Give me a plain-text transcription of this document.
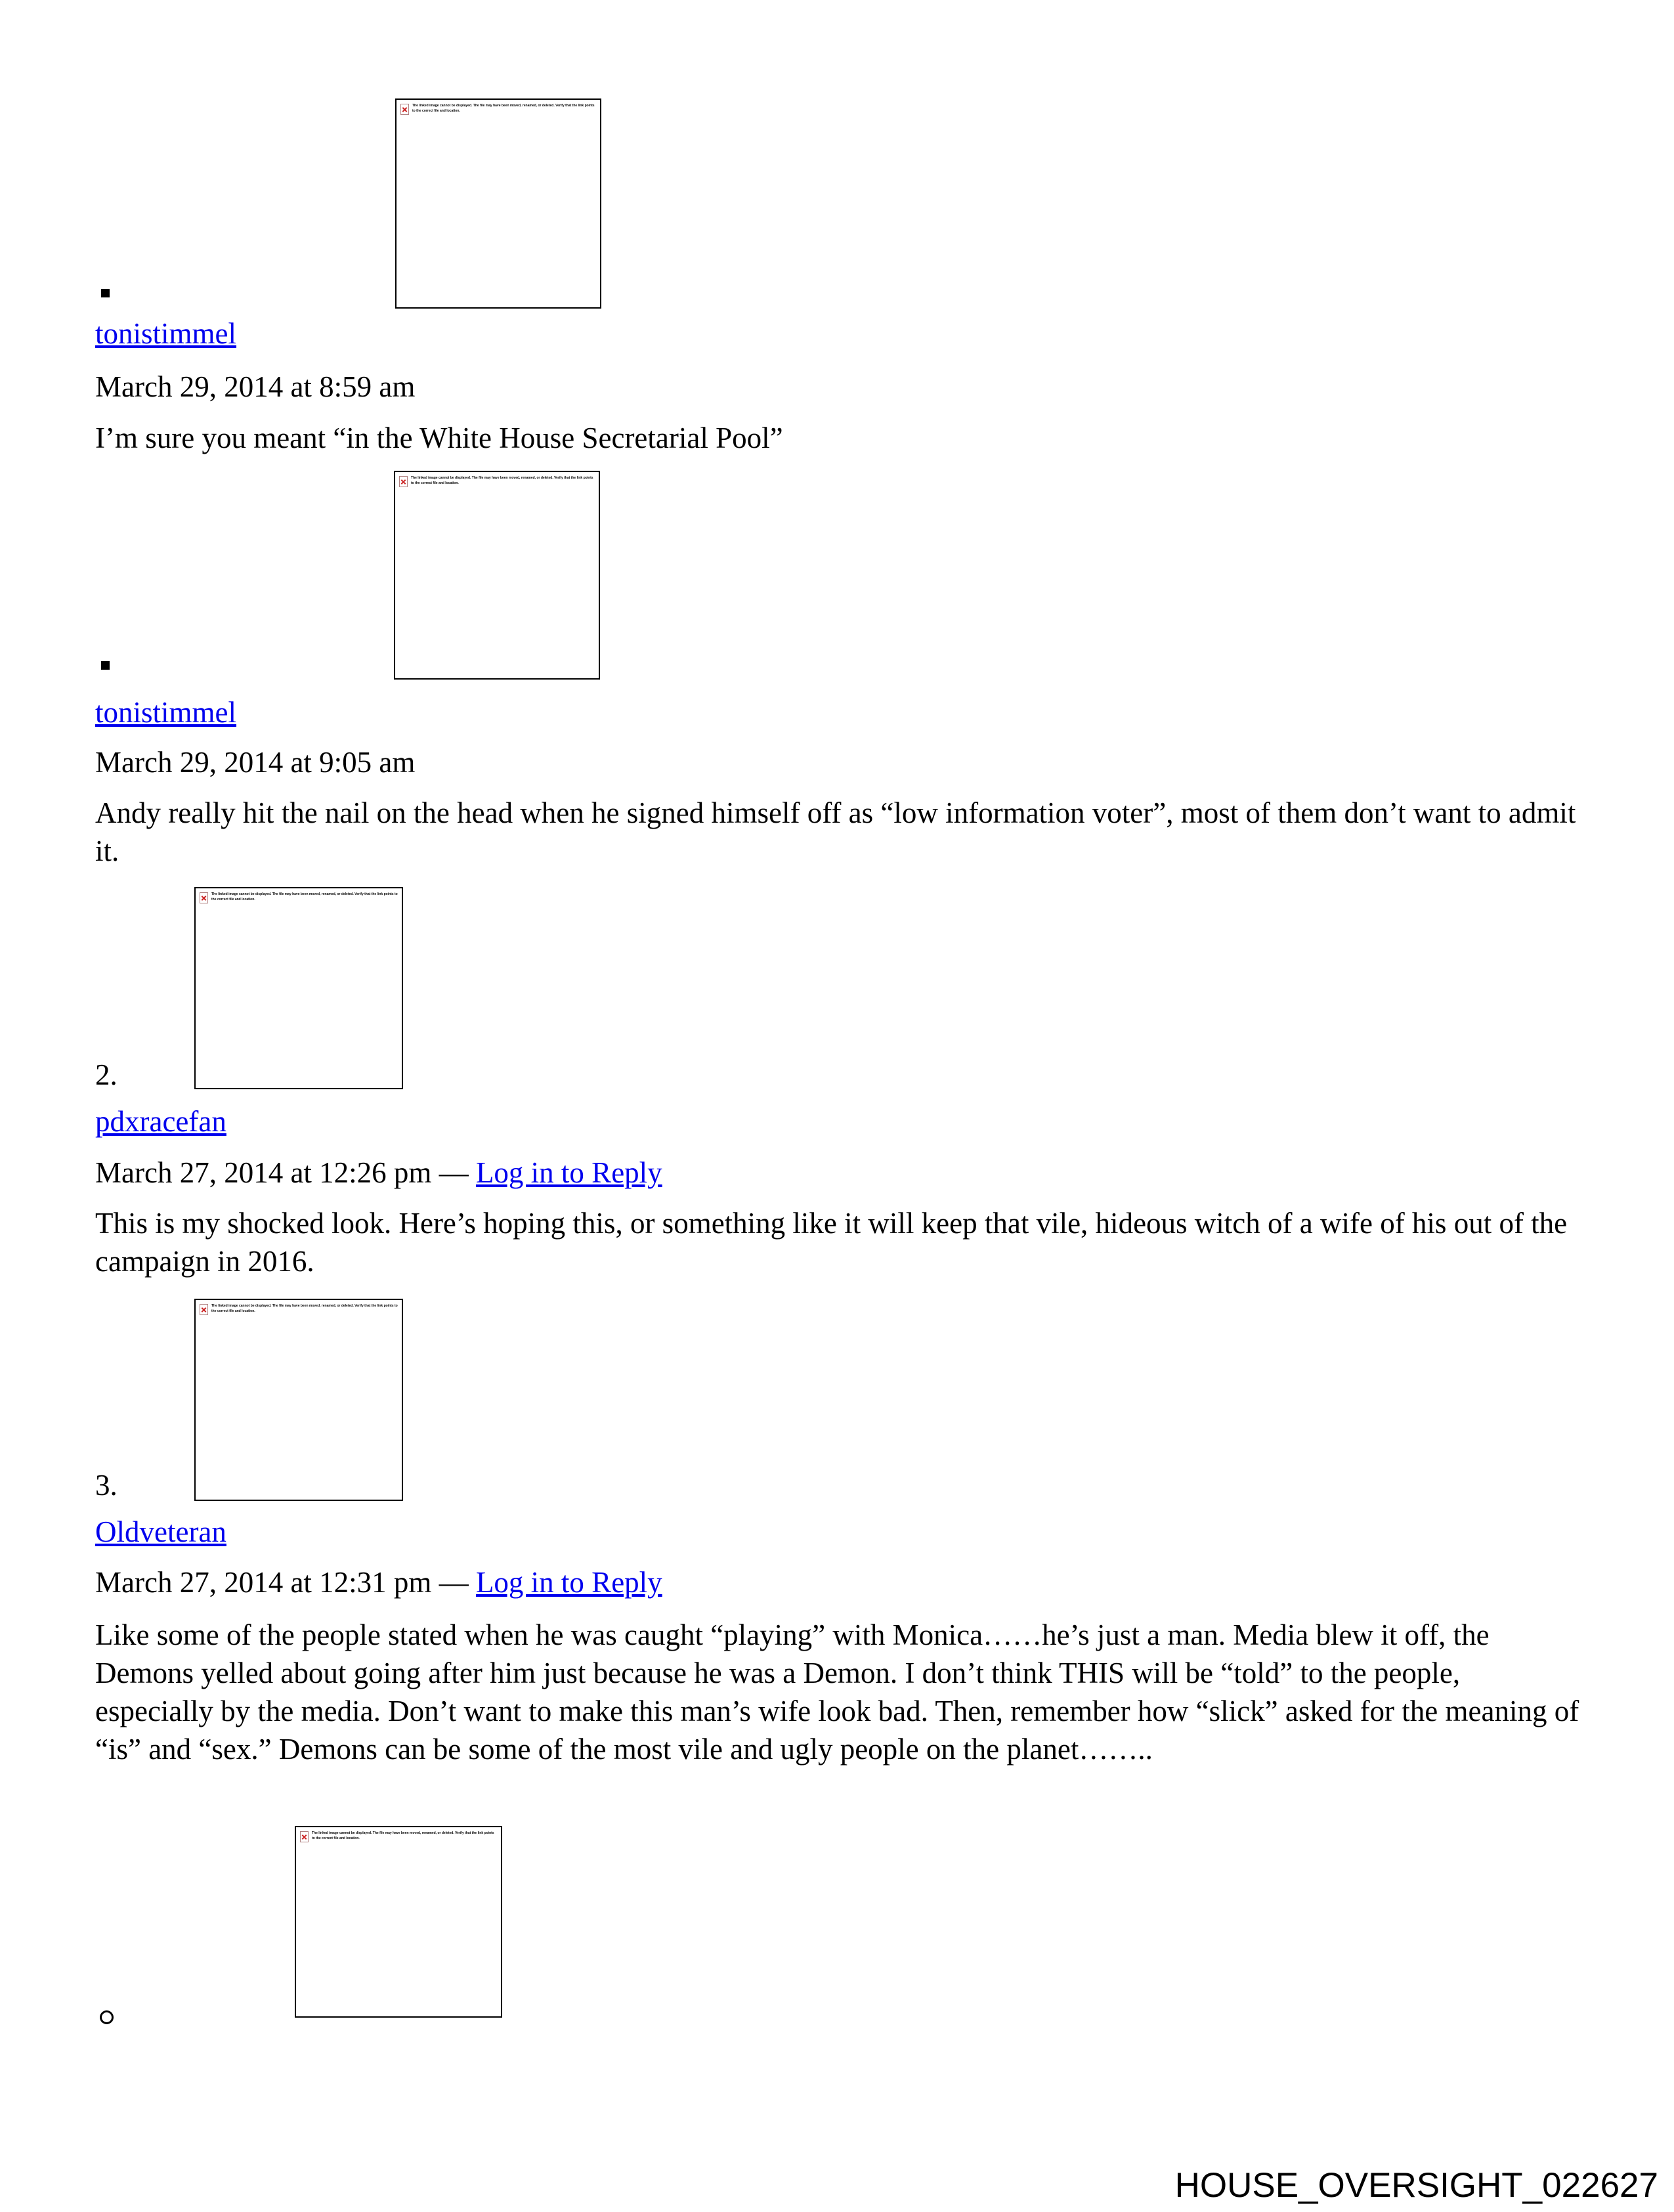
The linked image cannot be displayed. The file may have been moved, renamed, or deleted. Verify that the link points to the correct file and location.
tonistimmel
March 29, 2014 at 8:59 am
I’m sure you meant “in the White House Secretarial Pool”
The linked image cannot be displayed. The file may have been moved, renamed, or deleted. Verify that the link points to the correct file and location.
tonistimmel
March 29, 2014 at 9:05 am
Andy really hit the nail on the head when he signed himself off as “low information voter”, most of them don’t want to admit it.
The linked image cannot be displayed. The file may have been moved, renamed, or deleted. Verify that the link points to the correct file and location.
2.
pdxracefan
March 27, 2014 at 12:26 pm — Log in to Reply
This is my shocked look. Here’s hoping this, or something like it will keep that vile, hideous witch of a wife of his out of the campaign in 2016.
The linked image cannot be displayed. The file may have been moved, renamed, or deleted. Verify that the link points to the correct file and location.
3.
Oldveteran
March 27, 2014 at 12:31 pm — Log in to Reply
Like some of the people stated when he was caught “playing” with Monica……he’s just a man. Media blew it off, the Demons yelled about going after him just because he was a Demon. I don’t think THIS will be “told” to the people, especially by the media. Don’t want to make this man’s wife look bad. Then, remember how “slick” asked for the meaning of “is” and “sex.” Demons can be some of the most vile and ugly people on the planet……..
The linked image cannot be displayed. The file may have been moved, renamed, or deleted. Verify that the link points to the correct file and location.
HOUSE_OVERSIGHT_022627
